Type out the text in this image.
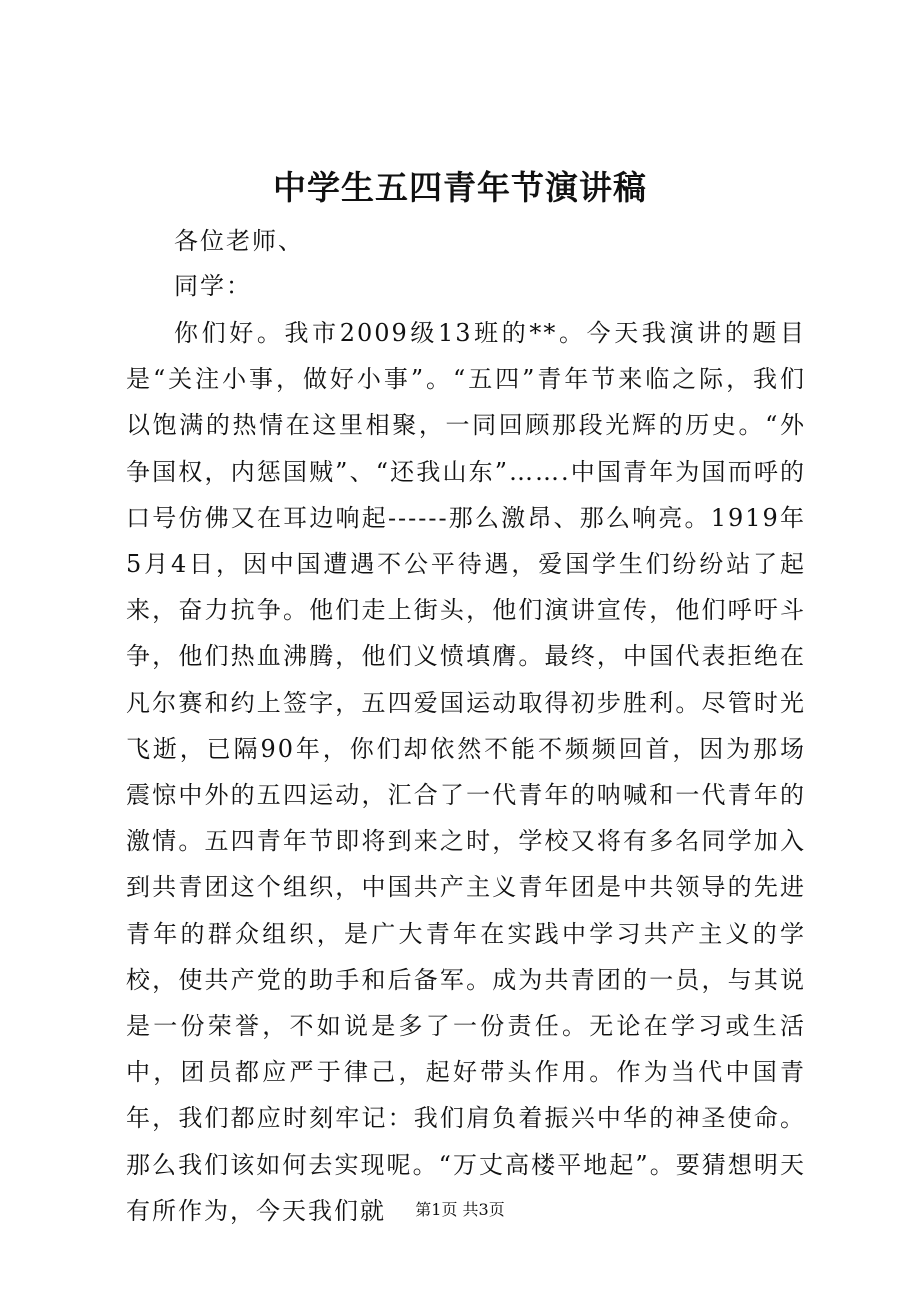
中学生五四青年节演讲稿
各位老师、
同学：

你们好。我市2009级13班的**。今天我演讲的题目是“关注小事，做好小事”。“五四”青年节来临之际，我们以饱满的热情在这里相聚，一同回顾那段光辉的历史。“外争国权，内惩国贼”、“还我山东”…….中国青年为国而呼的口号仿佛又在耳边响起------那么激昂、那么响亮。1919年5月4日，因中国遭遇不公平待遇，爱国学生们纷纷站了起来，奋力抗争。他们走上街头，他们演讲宣传，他们呼吁斗争，他们热血沸腾，他们义愤填膺。最终，中国代表拒绝在凡尔赛和约上签字，五四爱国运动取得初步胜利。尽管时光飞逝，已隔90年，你们却依然不能不频频回首，因为那场震惊中外的五四运动，汇合了一代青年的呐喊和一代青年的激情。五四青年节即将到来之时，学校又将有多名同学加入到共青团这个组织，中国共产主义青年团是中共领导的先进青年的群众组织，是广大青年在实践中学习共产主义的学校，使共产党的助手和后备军。成为共青团的一员，与其说是一份荣誉，不如说是多了一份责任。无论在学习或生活中，团员都应严于律己，起好带头作用。作为当代中国青年，我们都应时刻牢记：我们肩负着振兴中华的神圣使命。那么我们该如何去实现呢。“万丈高楼平地起”。要猜想明天有所作为，今天我们就	第1页 共3页
